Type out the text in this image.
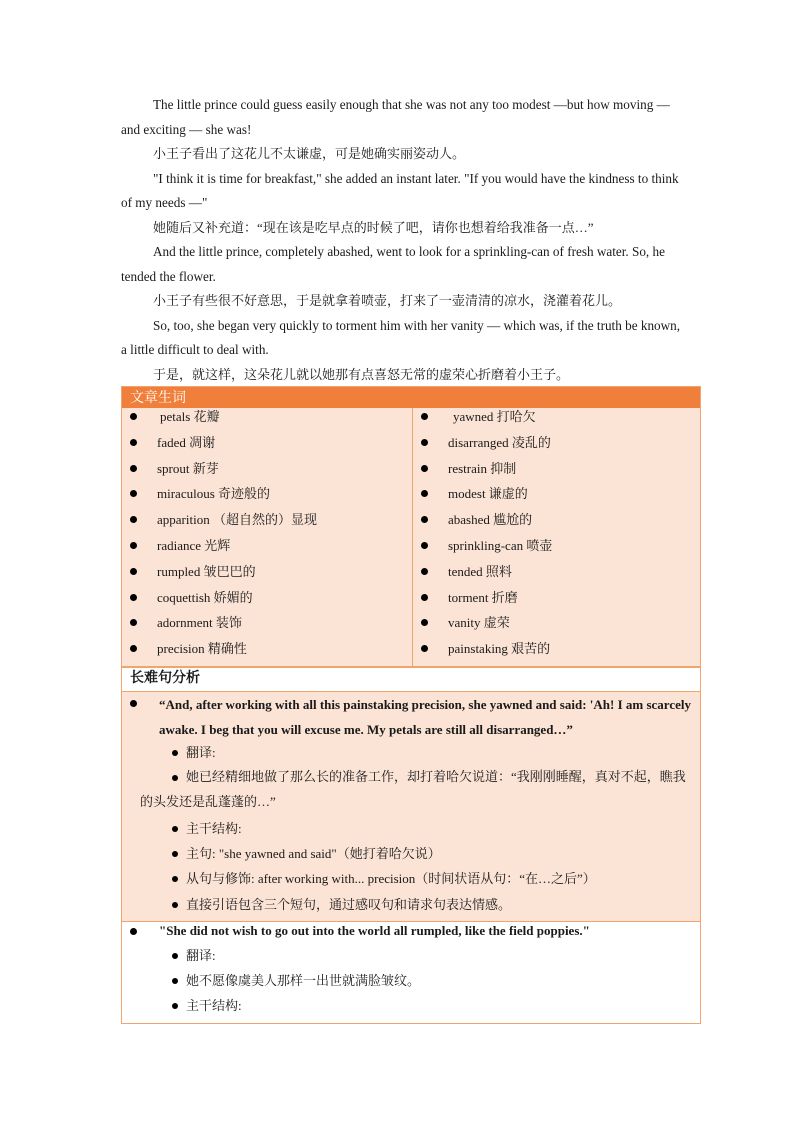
The little prince could guess easily enough that she was not any too modest —but how moving — and exciting — she was!

小王子看出了这花儿不太谦虚，可是她确实丽姿动人。

"I think it is time for breakfast," she added an instant later. "If you would have the kindness to think of my needs —"

她随后又补充道：“现在该是吃早点的时候了吧，请你也想着给我准备一点…”

And the little prince, completely abashed, went to look for a sprinkling-can of fresh water. So, he tended the flower.

小王子有些很不好意思，于是就拿着喷壶，打来了一壶清清的凉水，浇灌着花儿。

So, too, she began very quickly to torment him with her vanity — which was, if the truth be known, a little difficult to deal with.

于是，就这样，这朵花儿就以她那有点喜怒无常的虚荣心折磨着小王子。

文章生词
petals 花瓣
faded 凋谢
sprout 新芽
miraculous 奇迹般的
apparition （超自然的）显现
radiance 光辉
rumpled 皱巴巴的
coquettish 娇媚的
adornment 装饰
precision 精确性
yawned 打哈欠
disarranged 凌乱的
restrain 抑制
modest 谦虚的
abashed 尴尬的
sprinkling-can 喷壶
tended 照料
torment 折磨
vanity 虚荣
painstaking 艰苦的
长难句分析
“And, after working with all this painstaking precision, she yawned and said: 'Ah! I am scarcely awake. I beg that you will excuse me. My petals are still all disarranged…”
翻译:
她已经精细地做了那么长的准备工作，却打着哈欠说道：“我刚刚睡醒，真对不起，瞧我的头发还是乱蓬蓬的…”
主干结构:
主句: "she yawned and said"（她打着哈欠说）
从句与修饰: after working with... precision（时间状语从句：“在…之后”）
直接引语包含三个短句，通过感叹句和请求句表达情感。
"She did not wish to go out into the world all rumpled, like the field poppies."
翻译:
她不愿像虞美人那样一出世就满脸皱纹。
主干结构:
